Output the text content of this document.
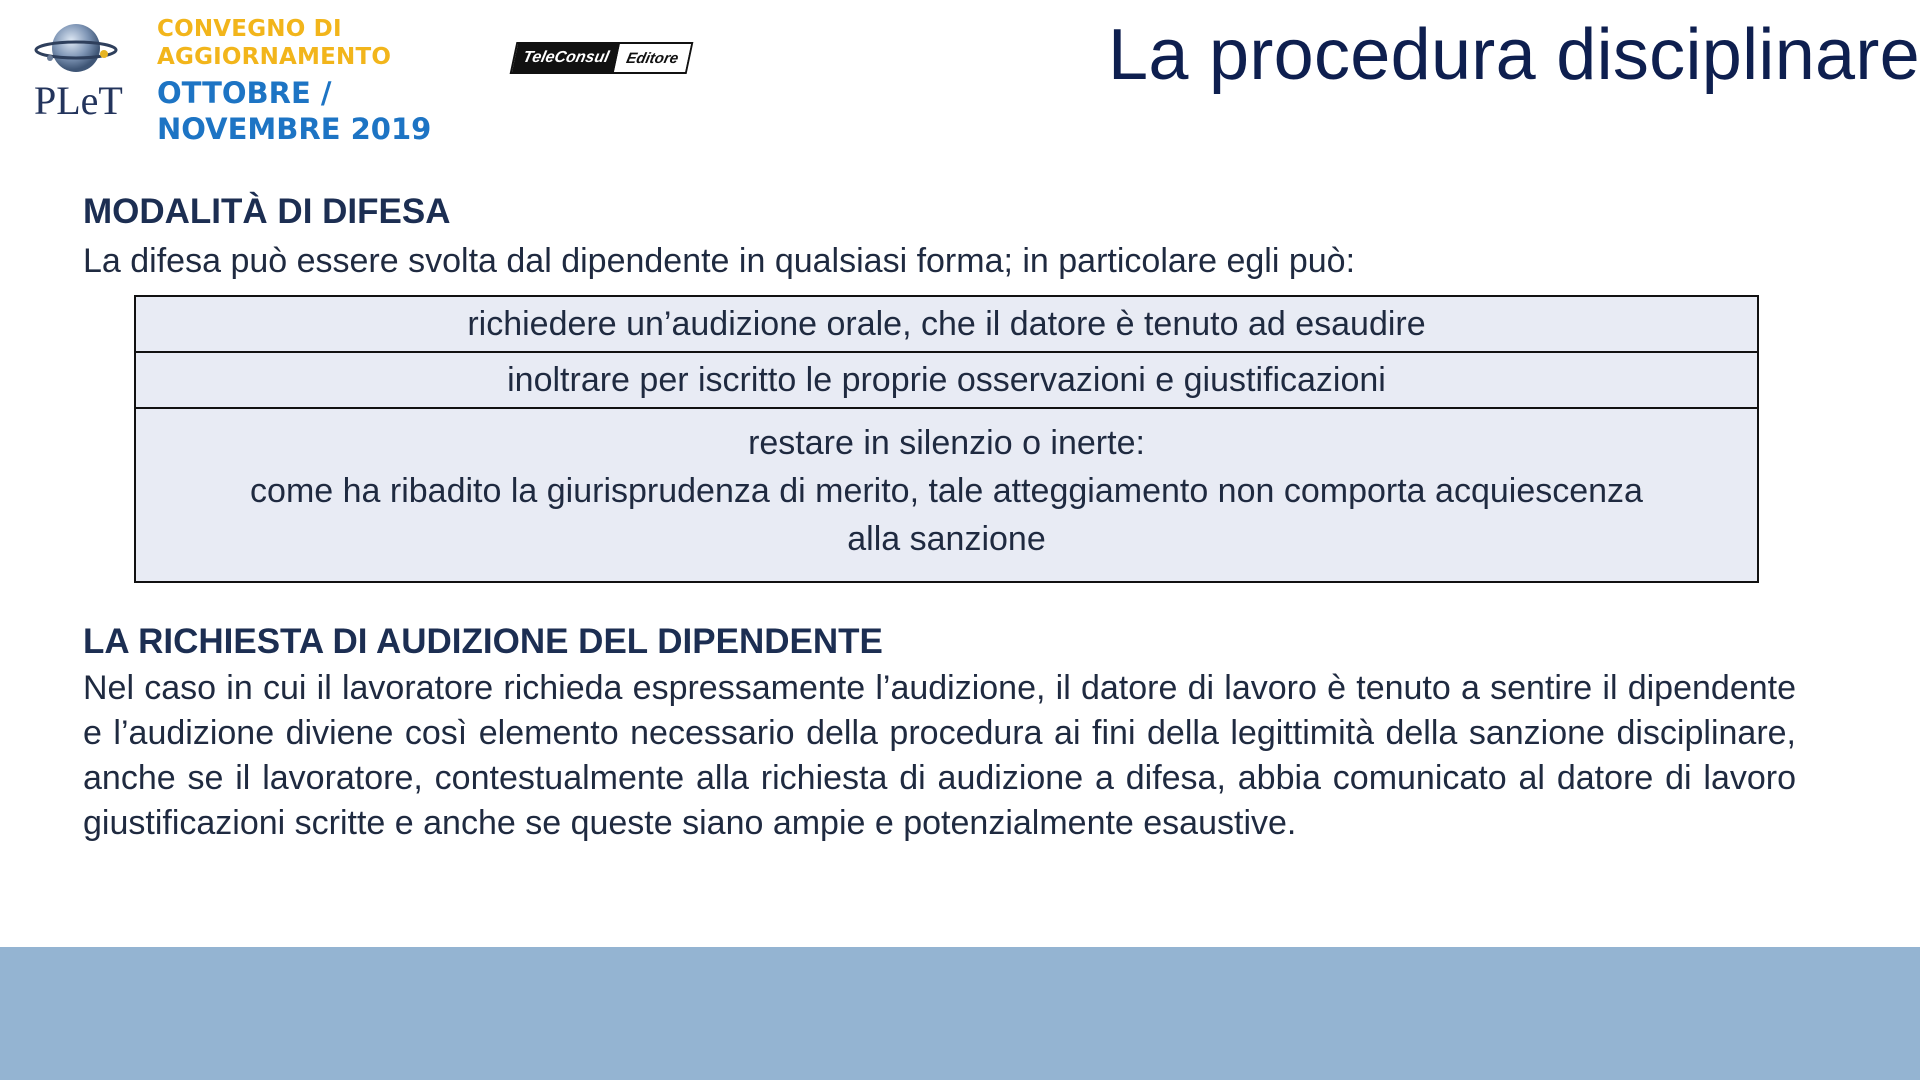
PLeT
CONVEGNO DI
AGGIORNAMENTO
OTTOBRE /
NOVEMBRE 2019
TeleConsul Editore	La procedura disciplinare
MODALITÀ DI DIFESA

La difesa può essere svolta dal dipendente in qualsiasi forma; in particolare egli può:

richiedere un’audizione orale, che il datore è tenuto ad esaudire
inoltrare per iscritto le proprie osservazioni e giustificazioni
restare in silenzio o inerte:
come ha ribadito la giurisprudenza di merito, tale atteggiamento non comporta acquiescenza
alla sanzione
LA RICHIESTA DI AUDIZIONE DEL DIPENDENTE

Nel caso in cui il lavoratore richieda espressamente l’audizione, il datore di lavoro è tenuto a sentire il dipendente e l’audizione diviene così elemento necessario della procedura ai fini della legittimità della sanzione disciplinare, anche se il lavoratore, contestualmente alla richiesta di audizione a difesa, abbia comunicato al datore di lavoro giustificazioni scritte e anche se queste siano ampie e potenzialmente esaustive.
